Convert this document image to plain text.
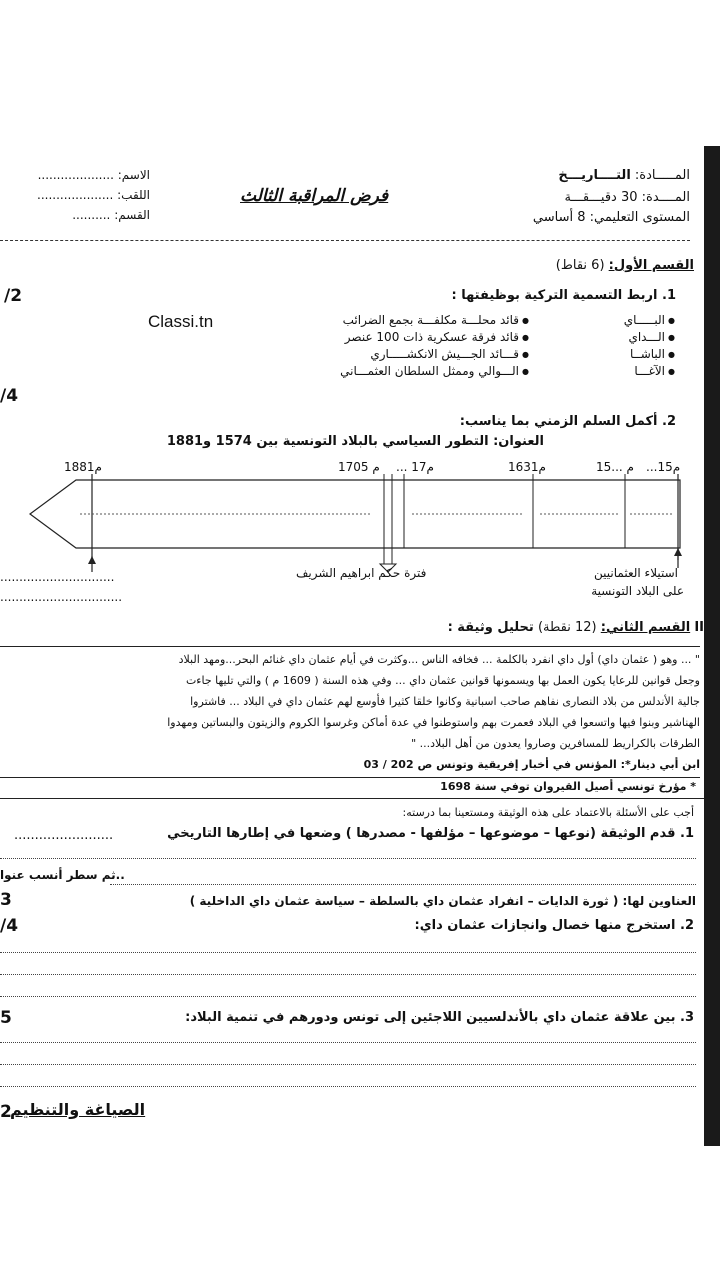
المـــــادة: التــــاريـــخ
المــــدة: 30 دقيـــقـــة
المستوى التعليمي: 8 أساسي
فرض المراقبة الثالث
الاسم: ....................
اللقب: ....................
القسم: ..........
القسم الأول: (6 نقاط)
/2	1. اربط التسمية التركية بوظيفتها :
Classi.tn
●	البـــــاي
● الـــداي
● الباشــا
● الآغـــا
● قائد محلـــة مكلفـــة بجمع الضرائب
● قائد فرقة عسكرية ذات 100 عنصر
● قـــائد الجـــيش الانكشـــــاري
● الـــوالي وممثل السلطان العثمـــاني
/4
2. أكمل السلم الزمني بما يناسب:
العنوان: التطور السياسي بالبلاد التونسية بين 1574 و1881
1881م	1705 م ... 17م	1631م	15... م ...15م
فترة حكم ابراهيم الشريف	استيلاء العثمانيين
على البلاد التونسية
..............................
................................
II القسم الثاني: (12 نقطة) تحليل وثيقة :
" ... وهو ( عثمان داي) أول داي انفرد بالكلمة ... فخافه الناس ...وكثرت في أيام عثمان داي غنائم البحر...ومهد البلاد
وجعل قوانين للرعايا يكون العمل بها ويسمونها قوانين عثمان داي ... وفي هذه السنة ( 1609 م ) والتي تليها جاءت
جالية الأندلس من بلاد النصارى نفاهم صاحب اسبانية وكانوا خلقا كثيرا فأوسع لهم عثمان داي في البلاد ... فاشتروا
الهناشير وبنوا فيها واتسعوا في البلاد فعمرت بهم واستوطنوا في عدة أماكن وغرسوا الكروم والزيتون والبساتين ومهدوا
الطرقات بالكراريط للمسافرين وصاروا يعدون من أهل البلاد... "
ابن أبي دينار*: المؤنس في أخبار إفريقية وتونس ص 202 / 03
* مؤرخ تونسي أصيل القيروان توفي سنة 1698
أجب على الأسئلة بالاعتماد على هذه الوثيقة ومستعينا بما درسته:
1. قدم الوثيقة (نوعها – موضوعها – مؤلفها - مصدرها ) وضعها في إطارها التاريخي
........................
..ثم سطر أنسب عنوا
3	العناوين لها: ( ثورة الدايات – انفراد عثمان داي بالسلطة – سياسة عثمان داي الداخلية )
/4	2. استخرج منها خصال وانجازات عثمان داي:
5	3. بين علاقة عثمان داي بالأندلسيين اللاجئين إلى تونس ودورهم في تنمية البلاد:
2
الصياغة والتنظيم
